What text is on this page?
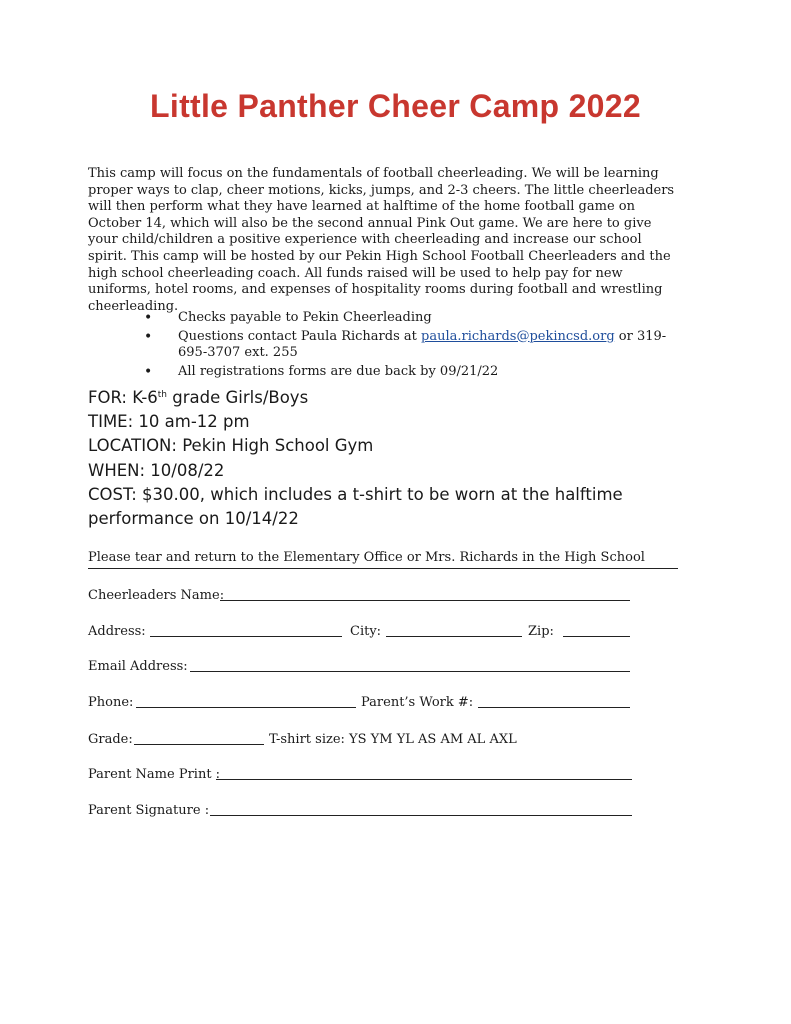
Little Panther Cheer Camp 2022

This camp will focus on the fundamentals of football cheerleading. We will be learning proper ways to clap, cheer motions, kicks, jumps, and 2-3 cheers. The little cheerleaders will then perform what they have learned at halftime of the home football game on October 14, which will also be the second annual Pink Out game. We are here to give your child/children a positive experience with cheerleading and increase our school spirit. This camp will be hosted by our Pekin High School Football Cheerleaders and the high school cheerleading coach. All funds raised will be used to help pay for new uniforms, hotel rooms, and expenses of hospitality rooms during football and wrestling cheerleading.

• Checks payable to Pekin Cheerleading
• Questions contact Paula Richards at paula.richards@pekincsd.org or 319-695-3707 ext. 255
• All registrations forms are due back by 09/21/22
FOR: K-6th grade Girls/Boys
TIME: 10 am-12 pm
LOCATION: Pekin High School Gym
WHEN: 10/08/22
COST: $30.00, which includes a t-shirt to be worn at the halftime performance on 10/14/22
Please tear and return to the Elementary Office or Mrs. Richards in the High School
Cheerleaders Name:
Address:	City:	Zip:
Email Address:
Phone:	Parent’s Work #:
Grade:	T-shirt size: YS YM YL AS AM AL AXL
Parent Name Print :
Parent Signature :
